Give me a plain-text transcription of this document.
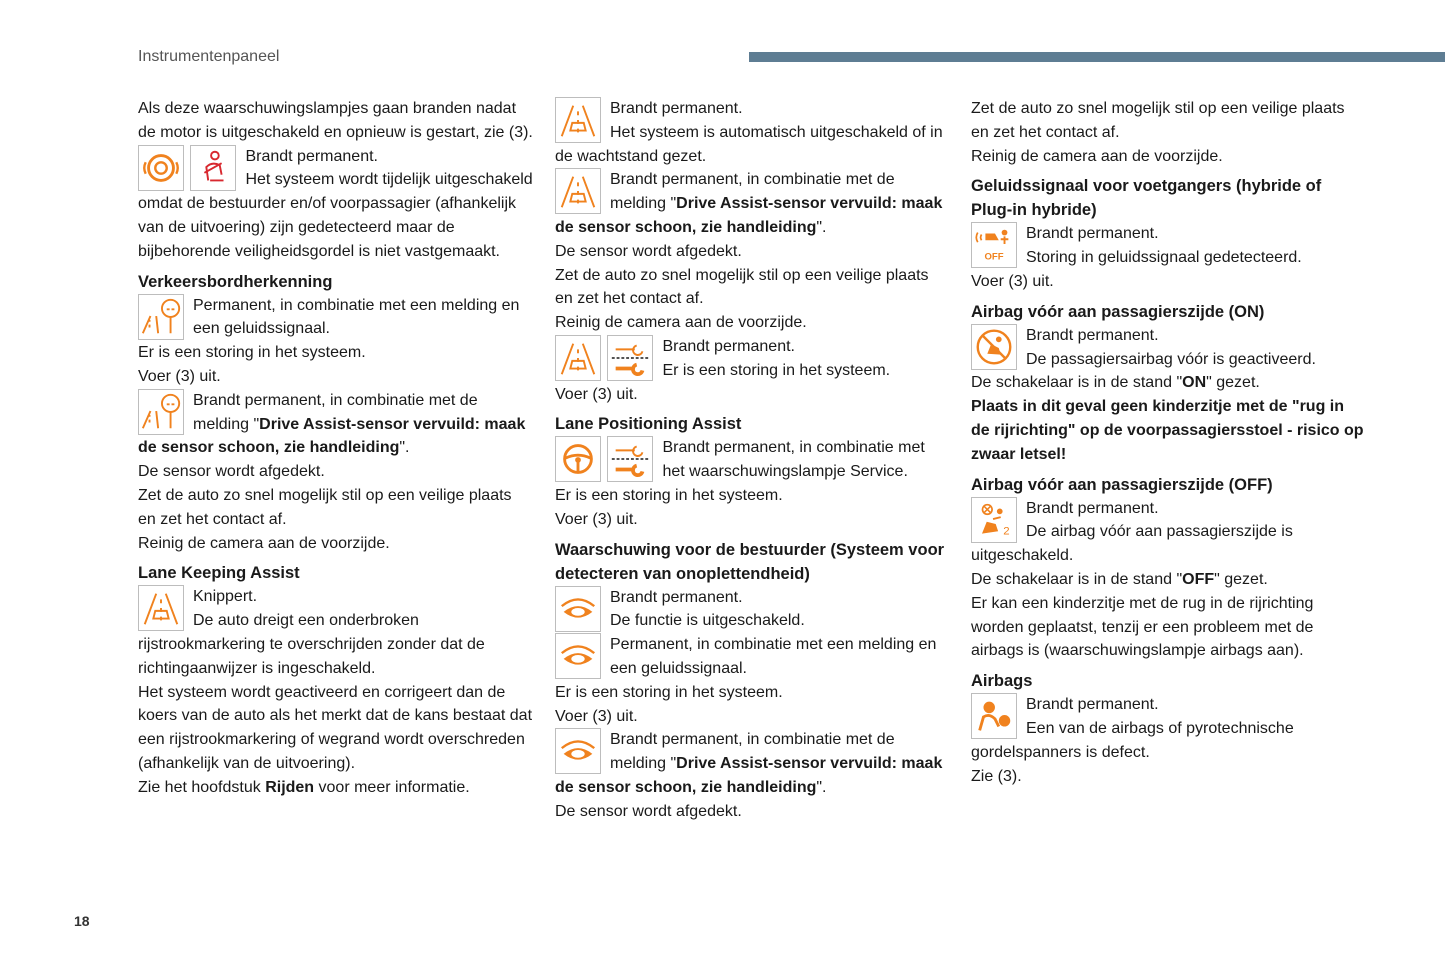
Instrumentenpaneel

Als deze waarschuwingslampjes gaan branden nadat de motor is uitgeschakeld en opnieuw is gestart, zie (3).

Brandt permanent.
Het systeem wordt tijdelijk uitgeschakeld omdat de bestuurder en/of voorpassagier (afhankelijk van de uitvoering) zijn gedetecteerd maar de bijbehorende veiligheidsgordel is niet vastgemaakt.
Verkeersbordherkenning
Permanent, in combinatie met een melding en een geluidssignaal.
Er is een storing in het systeem.
Voer (3) uit.
Brandt permanent, in combinatie met de melding "Drive Assist-sensor vervuild: maak de sensor schoon, zie handleiding".
De sensor wordt afgedekt.
Zet de auto zo snel mogelijk stil op een veilige plaats en zet het contact af.
Reinig de camera aan de voorzijde.
Lane Keeping Assist
Knippert.
De auto dreigt een onderbroken rijstrookmarkering te overschrijden zonder dat de richtingaanwijzer is ingeschakeld.
Het systeem wordt geactiveerd en corrigeert dan de koers van de auto als het merkt dat de kans bestaat dat een rijstrookmarkering of wegrand wordt overschreden (afhankelijk van de uitvoering).
Zie het hoofdstuk Rijden voor meer informatie.
Brandt permanent.
Het systeem is automatisch uitgeschakeld of in de wachtstand gezet.
Brandt permanent, in combinatie met de melding "Drive Assist-sensor vervuild: maak de sensor schoon, zie handleiding".
De sensor wordt afgedekt.
Zet de auto zo snel mogelijk stil op een veilige plaats en zet het contact af.
Reinig de camera aan de voorzijde.

Brandt permanent.
Er is een storing in het systeem.
Voer (3) uit.
Lane Positioning Assist

Brandt permanent, in combinatie met het waarschuwingslampje Service.
Er is een storing in het systeem.
Voer (3) uit.
Waarschuwing voor de bestuurder (Systeem voor detecteren van onoplettendheid)
Brandt permanent.
De functie is uitgeschakeld.
Permanent, in combinatie met een melding en een geluidssignaal.
Er is een storing in het systeem.
Voer (3) uit.
Brandt permanent, in combinatie met de melding "Drive Assist-sensor vervuild: maak de sensor schoon, zie handleiding".
De sensor wordt afgedekt.

Zet de auto zo snel mogelijk stil op een veilige plaats en zet het contact af.

Reinig de camera aan de voorzijde.

Geluidssignaal voor voetgangers (hybride of Plug-in hybride)
OFF
Brandt permanent.
Storing in geluidssignaal gedetecteerd.
Voer (3) uit.
Airbag vóór aan passagierszijde (ON)
Brandt permanent.
De passagiersairbag vóór is geactiveerd.
De schakelaar is in de stand "ON" gezet.
Plaats in dit geval geen kinderzitje met de "rug in de rijrichting" op de voorpassagiersstoel - risico op zwaar letsel!
Airbag vóór aan passagierszijde (OFF)
2
Brandt permanent.
De airbag vóór aan passagierszijde is uitgeschakeld.
De schakelaar is in de stand "OFF" gezet.
Er kan een kinderzitje met de rug in de rijrichting worden geplaatst, tenzij er een probleem met de airbags is (waarschuwingslampje airbags aan).
Airbags
Brandt permanent.
Een van de airbags of pyrotechnische gordelspanners is defect.
Zie (3).
18
